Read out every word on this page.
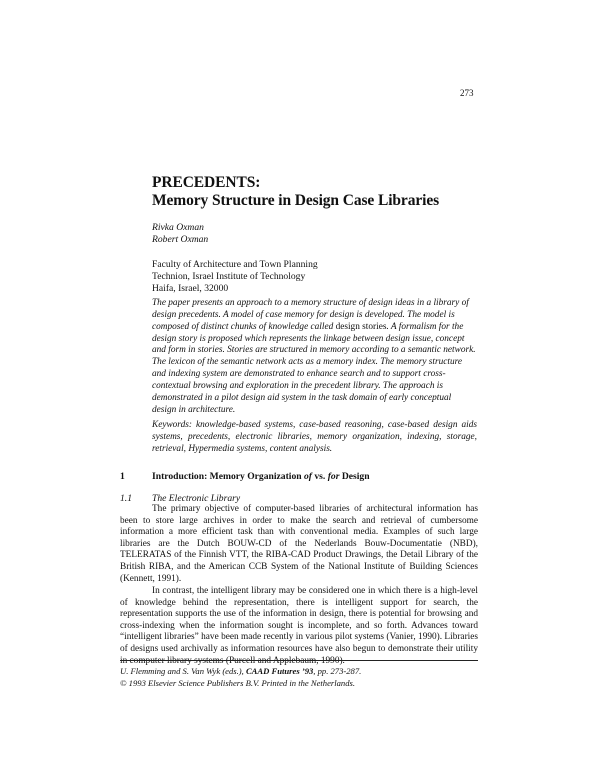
273
PRECEDENTS:
Memory Structure in Design Case Libraries
Rivka Oxman
Robert Oxman
Faculty of Architecture and Town Planning
Technion, Israel Institute of Technology
Haifa, Israel, 32000
The paper presents an approach to a memory structure of design ideas in a library of design precedents. A model of case memory for design is developed. The model is composed of distinct chunks of knowledge called design stories. A formalism for the design story is proposed which represents the linkage between design issue, concept and form in stories. Stories are structured in memory according to a semantic network. The lexicon of the semantic network acts as a memory index. The memory structure and indexing system are demonstrated to enhance search and to support cross-contextual browsing and exploration in the precedent library. The approach is demonstrated in a pilot design aid system in the task domain of early conceptual design in architecture.
Keywords: knowledge-based systems, case-based reasoning, case-based design aids systems, precedents, electronic libraries, memory organization, indexing, storage, retrieval, Hypermedia systems, content analysis.
1	Introduction: Memory Organization of vs. for Design
1.1 The Electronic Library
The primary objective of computer-based libraries of architectural information has been to store large archives in order to make the search and retrieval of cumbersome information a more efficient task than with conventional media. Examples of such large libraries are the Dutch BOUW-CD of the Nederlands Bouw-Documentatie (NBD), TELERATAS of the Finnish VTT, the RIBA-CAD Product Drawings, the Detail Library of the British RIBA, and the American CCB System of the National Institute of Building Sciences (Kennett, 1991).
In contrast, the intelligent library may be considered one in which there is a high-level of knowledge behind the representation, there is intelligent support for search, the representation supports the use of the information in design, there is potential for browsing and cross-indexing when the information sought is incomplete, and so forth. Advances toward “intelligent libraries” have been made recently in various pilot systems (Vanier, 1990). Libraries of designs used archivally as information resources have also begun to demonstrate their utility in computer library systems (Purcell and Applebaum, 1990).
U. Flemming and S. Van Wyk (eds.), CAAD Futures ’93, pp. 273-287.
© 1993 Elsevier Science Publishers B.V. Printed in the Netherlands.
